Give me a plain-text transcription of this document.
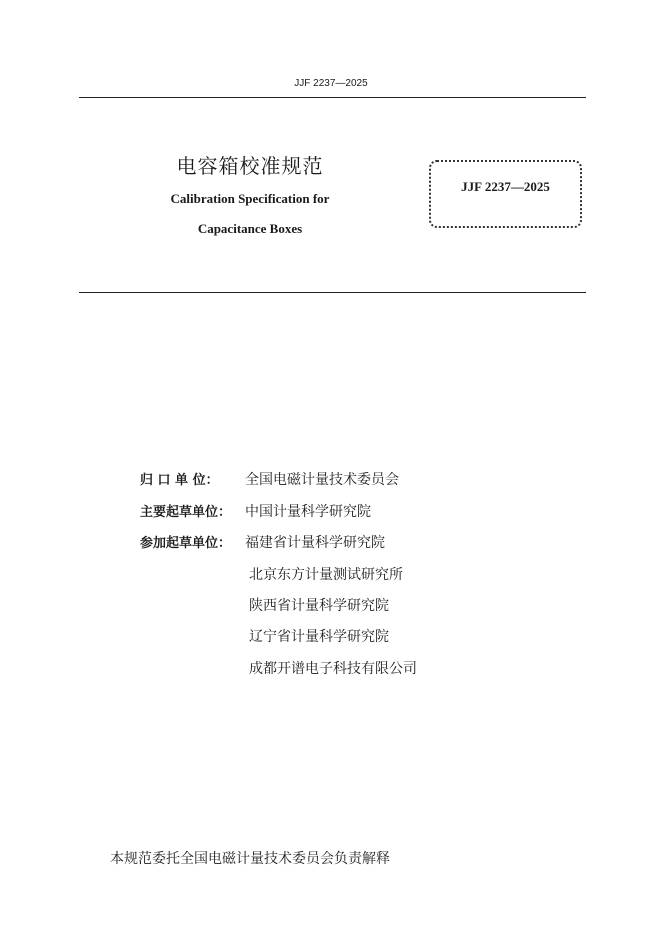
JJF 2237—2025
电容箱校准规范
Calibration Specification for
Capacitance Boxes
JJF 2237—2025
归 口 单 位： 全国电磁计量技术委员会
主要起草单位： 中国计量科学研究院
参加起草单位： 福建省计量科学研究院
北京东方计量测试研究所
陕西省计量科学研究院
辽宁省计量科学研究院
成都开谱电子科技有限公司
本规范委托全国电磁计量技术委员会负责解释
